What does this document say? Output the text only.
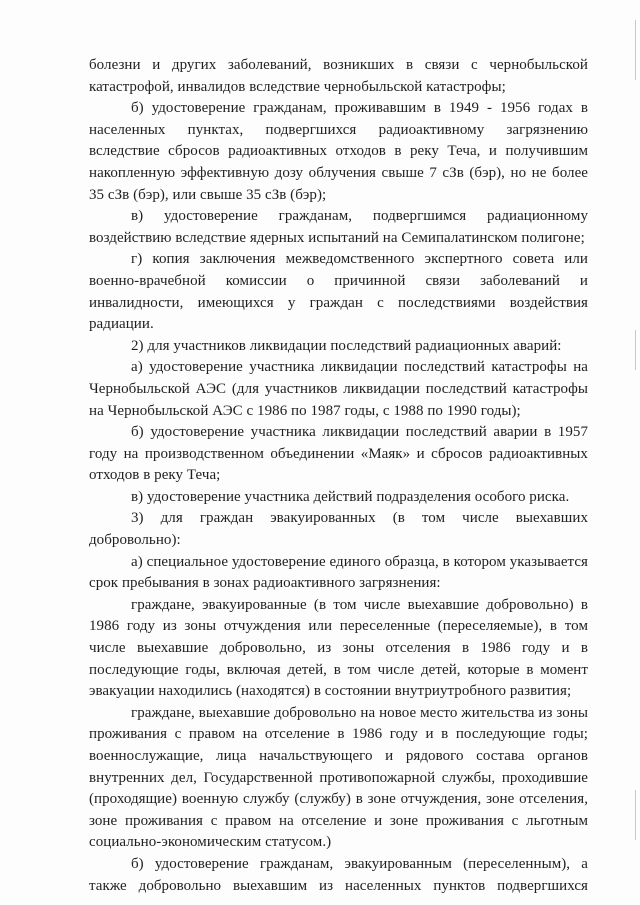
болезни и других заболеваний, возникших в связи с чернобыльской катастрофой, инвалидов вследствие чернобыльской катастрофы;

б) удостоверение гражданам, проживавшим в 1949 - 1956 годах в населенных пунктах, подвергшихся радиоактивному загрязнению вследствие сбросов радиоактивных отходов в реку Теча, и получившим накопленную эффективную дозу облучения свыше 7 сЗв (бэр), но не более 35 сЗв (бэр), или свыше 35 сЗв (бэр);

в) удостоверение гражданам, подвергшимся радиационному воздействию вследствие ядерных испытаний на Семипалатинском полигоне;

г) копия заключения межведомственного экспертного совета или военно-врачебной комиссии о причинной связи заболеваний и инвалидности, имеющихся у граждан с последствиями воздействия радиации.

2) для участников ликвидации последствий радиационных аварий:

а) удостоверение участника ликвидации последствий катастрофы на Чернобыльской АЭС (для участников ликвидации последствий катастрофы на Чернобыльской АЭС с 1986 по 1987 годы, с 1988 по 1990 годы);

б) удостоверение участника ликвидации последствий аварии в 1957 году на производственном объединении «Маяк» и сбросов радиоактивных отходов в реку Теча;

в) удостоверение участника действий подразделения особого риска.

3) для граждан эвакуированных (в том числе выехавших добровольно):

а) специальное удостоверение единого образца, в котором указывается срок пребывания в зонах радиоактивного загрязнения:

граждане, эвакуированные (в том числе выехавшие добровольно) в 1986 году из зоны отчуждения или переселенные (переселяемые), в том числе выехавшие добровольно, из зоны отселения в 1986 году и в последующие годы, включая детей, в том числе детей, которые в момент эвакуации находились (находятся) в состоянии внутриутробного развития;

граждане, выехавшие добровольно на новое место жительства из зоны проживания с правом на отселение в 1986 году и в последующие годы; военнослужащие, лица начальствующего и рядового состава органов внутренних дел, Государственной противопожарной службы, проходившие (проходящие) военную службу (службу) в зоне отчуждения, зоне отселения, зоне проживания с правом на отселение и зоне проживания с льготным социально-экономическим статусом.)

б) удостоверение гражданам, эвакуированным (переселенным), а также добровольно выехавшим из населенных пунктов подвергшихся
